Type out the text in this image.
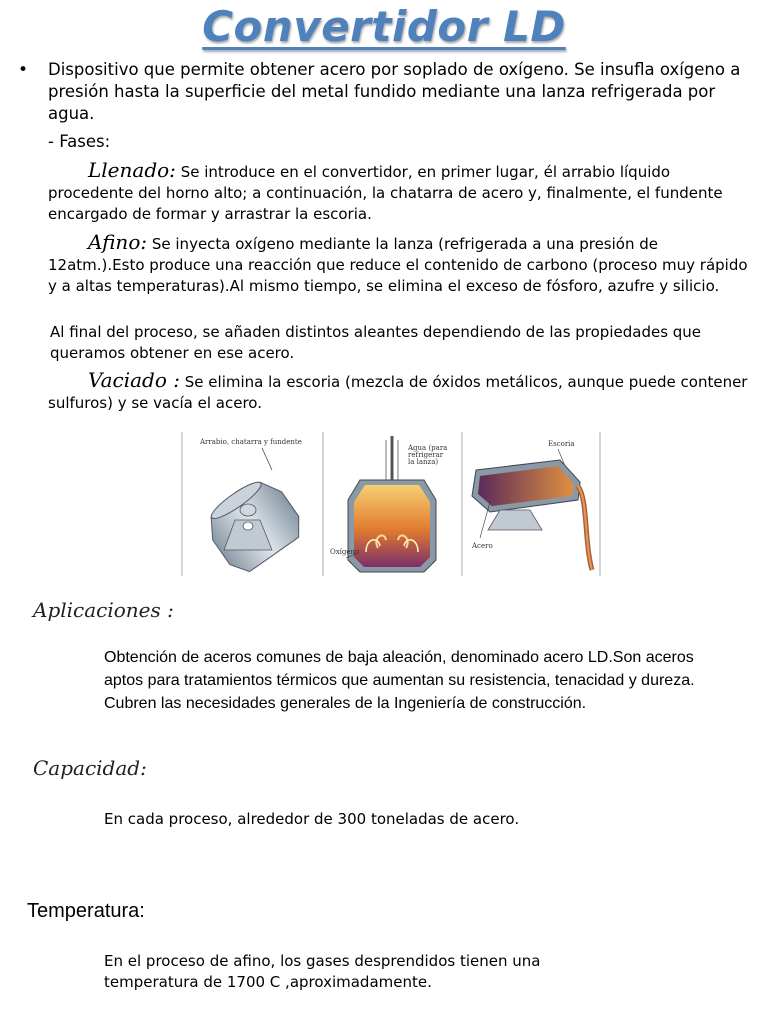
Convertidor LD
• Dispositivo que permite obtener acero por soplado de oxígeno. Se insufla oxígeno a presión hasta la superficie del metal fundido mediante una lanza refrigerada por agua.
- Fases:
Llenado: Se introduce en el convertidor, en primer lugar, él arrabio líquido procedente del horno alto; a continuación, la chatarra de acero y, finalmente, el fundente encargado de formar y arrastrar la escoria.
Afino: Se inyecta oxígeno mediante la lanza (refrigerada a una presión de 12atm.).Esto produce una reacción que reduce el contenido de carbono (proceso muy rápido y a altas temperaturas).Al mismo tiempo, se elimina el exceso de fósforo, azufre y silicio.
Al final del proceso, se añaden distintos aleantes dependiendo de las propiedades que queramos obtener en ese acero.
Vaciado : Se elimina la escoria (mezcla de óxidos metálicos, aunque puede contener sulfuros) y se vacía el acero.
Arrabio, chatarra y fundente
Agua (para refrigerar la lanza)
Oxígeno
Escoria
Acero
Aplicaciones :
Obtención de aceros comunes de baja aleación, denominado acero LD.Son aceros aptos para tratamientos térmicos que aumentan su resistencia, tenacidad y dureza. Cubren las necesidades generales de la Ingeniería de construcción.
Capacidad:
En cada proceso, alrededor de 300 toneladas de acero.
Temperatura:
En el proceso de afino, los gases desprendidos tienen una temperatura de 1700 C ,aproximadamente.
